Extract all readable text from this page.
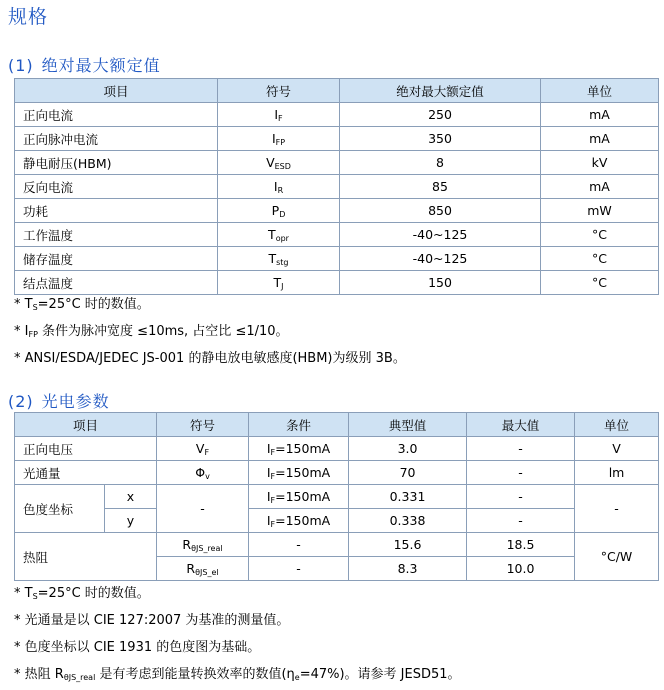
规格
(1) 绝对最大额定值
项目	符号	绝对最大额定值	单位
正向电流	$I_F$	250	mA
正向脉冲电流	$I_{FP}$	350	mA
静电耐压(HBM)	$V_{ESD}$	8	kV
反向电流	$I_R$	85	mA
功耗	$P_D$	850	mW
工作温度	$T_{opr}$	-40~125	°C
储存温度	$T_{stg}$	-40~125	°C
结点温度	$T_J$	150	°C
* $T_S=25^\circ C$ 时的数值。
* $I_{FP}$ 条件为脉冲宽度 ≤10ms, 占空比 ≤1/10。
* ANSI/ESDA/JEDEC JS-001 的静电放电敏感度(HBM)为级别 3B。
(2) 光电参数
项目		符号	条件	典型值	最大值	单位
正向电压		$V_F$	$I_F=150mA$	3.0	-	V
光通量		$\Phi_v$	$I_F=150mA$	70	-	lm
色度坐标	x	-	$I_F=150mA$	0.331	-	-
	y		$I_F=150mA$	0.338	-	
热阻		$R_{\theta JS\_real}$	-	15.6	18.5	°C/W
		$R_{\theta JS\_el}$	-	8.3	10.0	
* $T_S=25^\circ C$ 时的数值。
* 光通量是以 CIE 127:2007 为基准的测量值。
* 色度坐标以 CIE 1931 的色度图为基础。
* 热阻 $R_{\theta JS\_real}$ 是有考虑到能量转换效率的数值$(\eta_e=47\%)$。请参考 JESD51。
